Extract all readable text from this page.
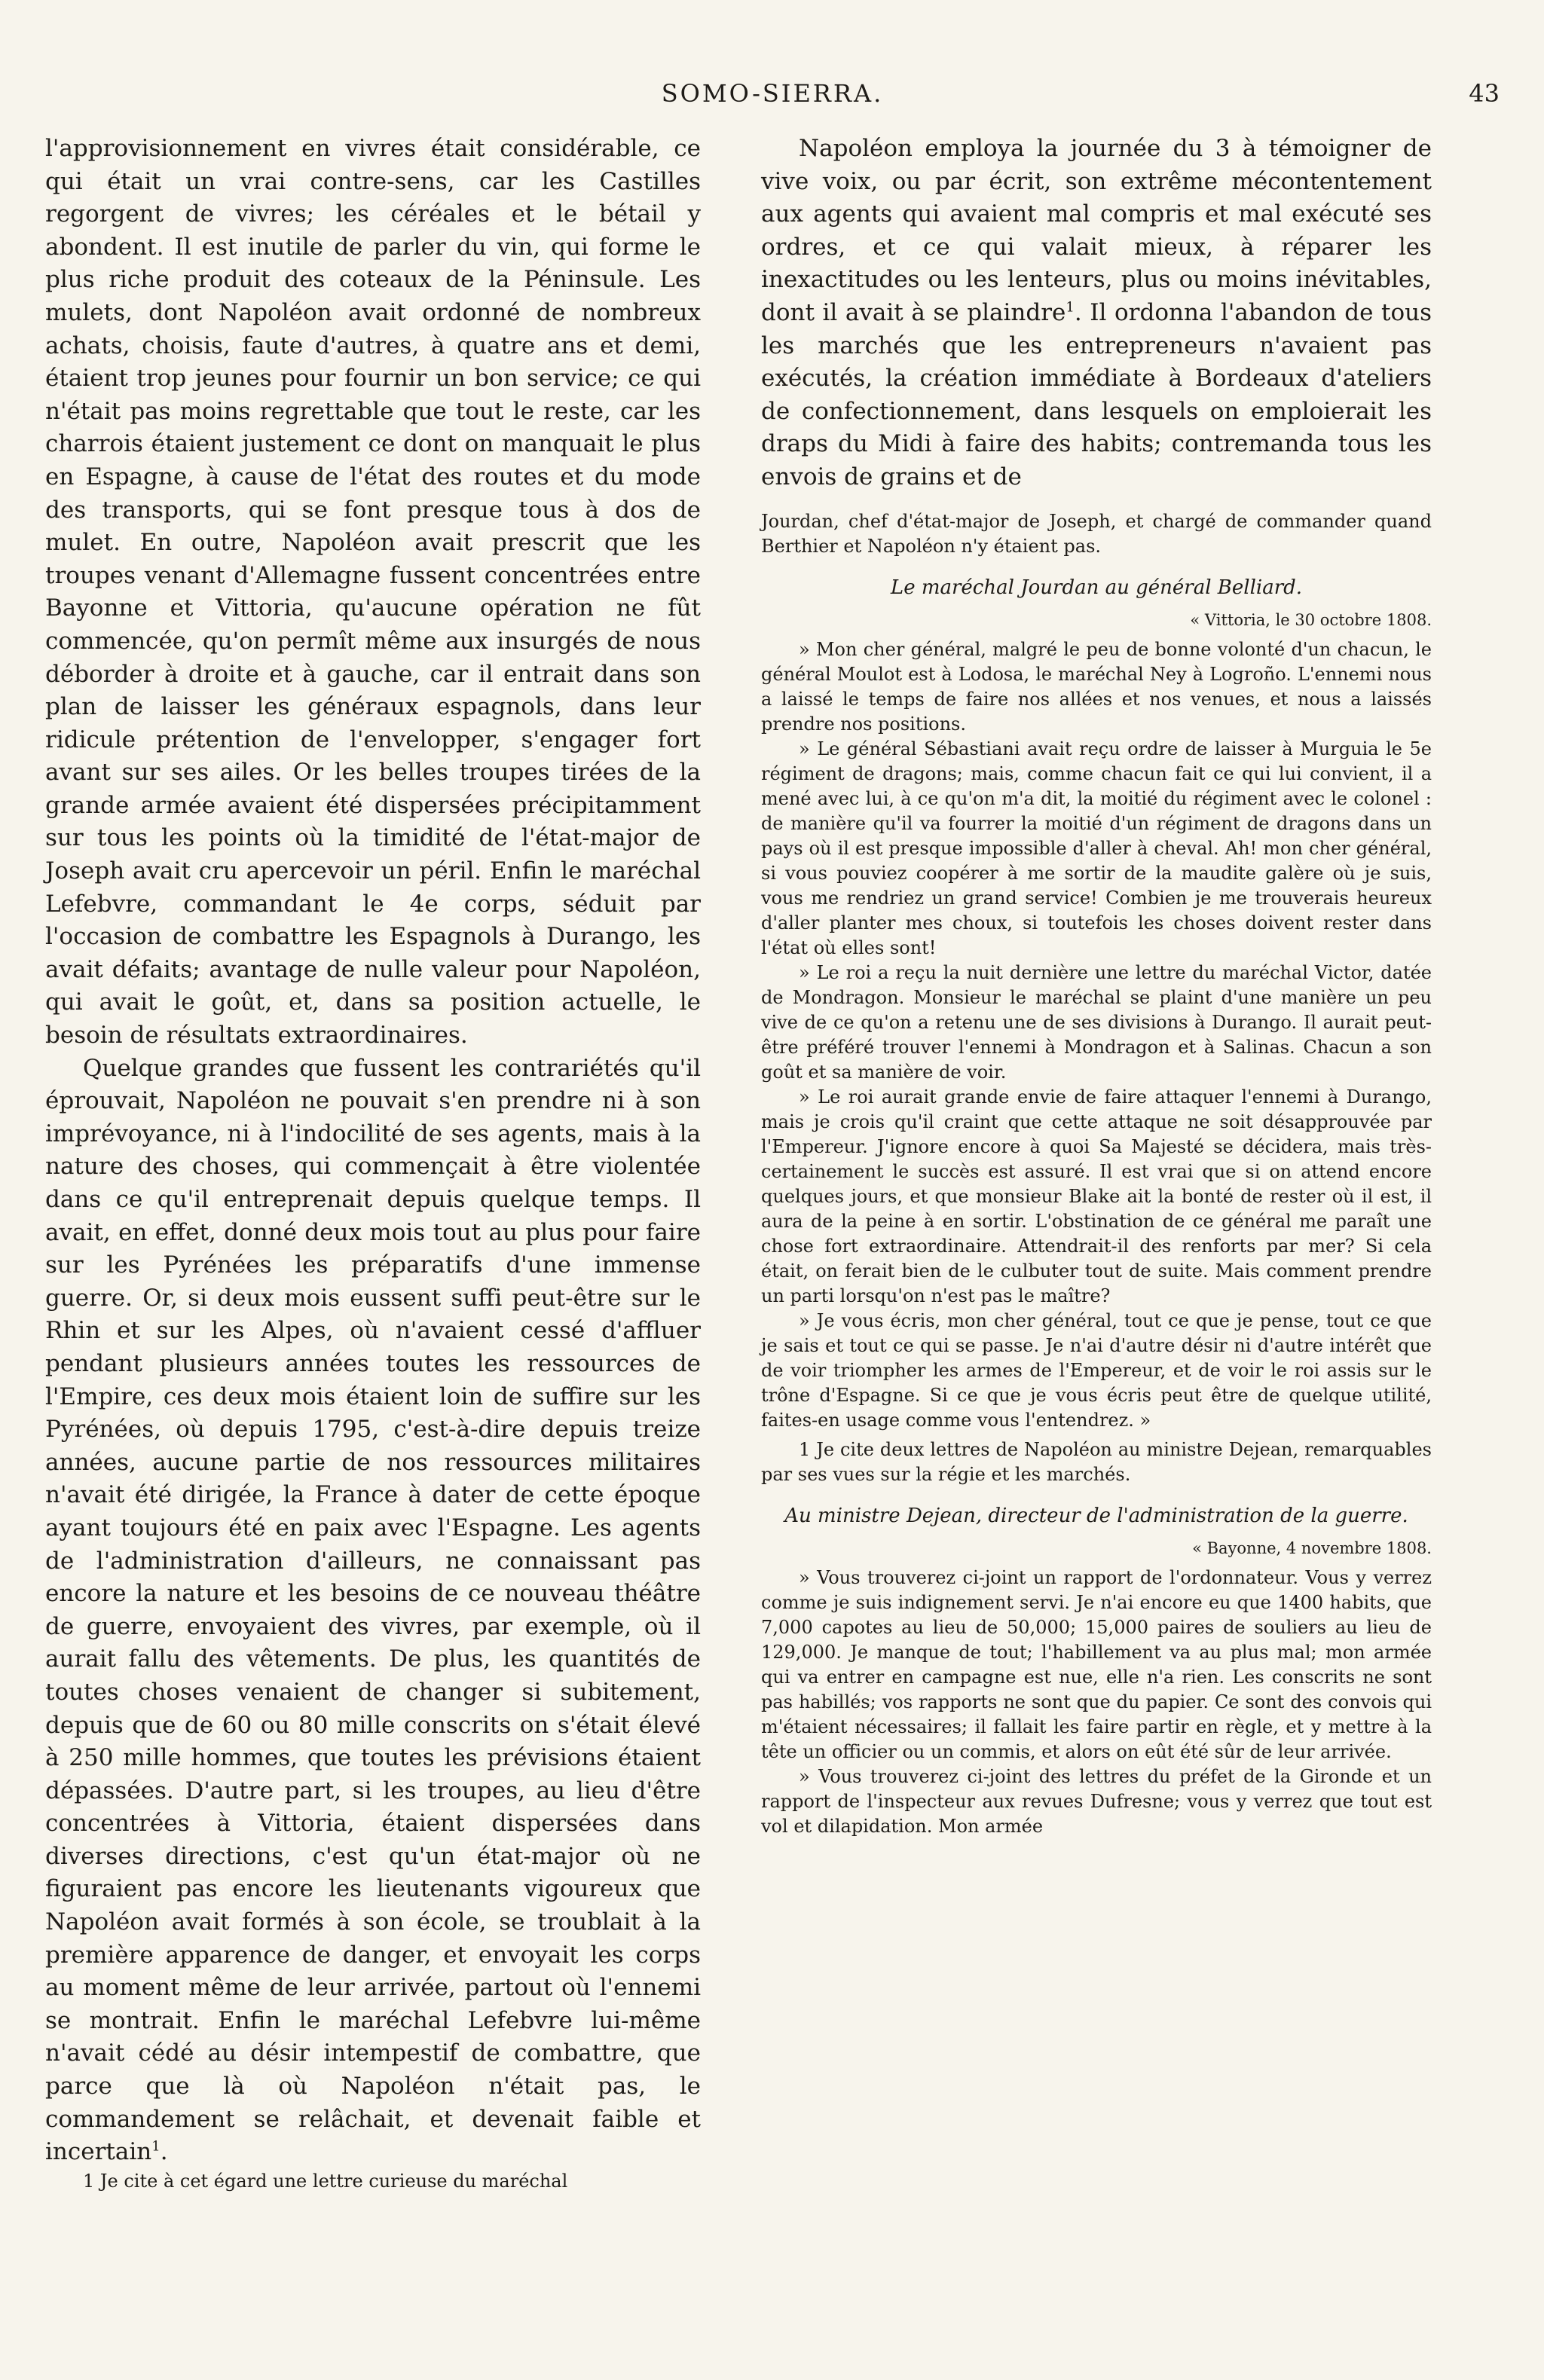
SOMO-SIERRA.	43

l'approvisionnement en vivres était considérable, ce qui était un vrai contre-sens, car les Castilles regorgent de vivres; les céréales et le bétail y abondent. Il est inutile de parler du vin, qui forme le plus riche produit des coteaux de la Péninsule. Les mulets, dont Napoléon avait ordonné de nombreux achats, choisis, faute d'autres, à quatre ans et demi, étaient trop jeunes pour fournir un bon service; ce qui n'était pas moins regrettable que tout le reste, car les charrois étaient justement ce dont on manquait le plus en Espagne, à cause de l'état des routes et du mode des transports, qui se font presque tous à dos de mulet. En outre, Napoléon avait prescrit que les troupes venant d'Allemagne fussent concentrées entre Bayonne et Vittoria, qu'aucune opération ne fût commencée, qu'on permît même aux insurgés de nous déborder à droite et à gauche, car il entrait dans son plan de laisser les généraux espagnols, dans leur ridicule prétention de l'envelopper, s'engager fort avant sur ses ailes. Or les belles troupes tirées de la grande armée avaient été dispersées précipitamment sur tous les points où la timidité de l'état-major de Joseph avait cru apercevoir un péril. Enfin le maréchal Lefebvre, commandant le 4e corps, séduit par l'occasion de combattre les Espagnols à Durango, les avait défaits; avantage de nulle valeur pour Napoléon, qui avait le goût, et, dans sa position actuelle, le besoin de résultats extraordinaires.

Quelque grandes que fussent les contrariétés qu'il éprouvait, Napoléon ne pouvait s'en prendre ni à son imprévoyance, ni à l'indocilité de ses agents, mais à la nature des choses, qui commençait à être violentée dans ce qu'il entreprenait depuis quelque temps. Il avait, en effet, donné deux mois tout au plus pour faire sur les Pyrénées les préparatifs d'une immense guerre. Or, si deux mois eussent suffi peut-être sur le Rhin et sur les Alpes, où n'avaient cessé d'affluer pendant plusieurs années toutes les ressources de l'Empire, ces deux mois étaient loin de suffire sur les Pyrénées, où depuis 1795, c'est-à-dire depuis treize années, aucune partie de nos ressources militaires n'avait été dirigée, la France à dater de cette époque ayant toujours été en paix avec l'Espagne. Les agents de l'administration d'ailleurs, ne connaissant pas encore la nature et les besoins de ce nouveau théâtre de guerre, envoyaient des vivres, par exemple, où il aurait fallu des vêtements. De plus, les quantités de toutes choses venaient de changer si subitement, depuis que de 60 ou 80 mille conscrits on s'était élevé à 250 mille hommes, que toutes les prévisions étaient dépassées. D'autre part, si les troupes, au lieu d'être concentrées à Vittoria, étaient dispersées dans diverses directions, c'est qu'un état-major où ne figuraient pas encore les lieutenants vigoureux que Napoléon avait formés à son école, se troublait à la première apparence de danger, et envoyait les corps au moment même de leur arrivée, partout où l'ennemi se montrait. Enfin le maréchal Lefebvre lui-même n'avait cédé au désir intempestif de combattre, que parce que là où Napoléon n'était pas, le commandement se relâchait, et devenait faible et incertain$^1$.

1 Je cite à cet égard une lettre curieuse du maréchal

Napoléon employa la journée du 3 à témoigner de vive voix, ou par écrit, son extrême mécontentement aux agents qui avaient mal compris et mal exécuté ses ordres, et ce qui valait mieux, à réparer les inexactitudes ou les lenteurs, plus ou moins inévitables, dont il avait à se plaindre$^1$. Il ordonna l'abandon de tous les marchés que les entrepreneurs n'avaient pas exécutés, la création immédiate à Bordeaux d'ateliers de confectionnement, dans lesquels on emploierait les draps du Midi à faire des habits; contremanda tous les envois de grains et de

Jourdan, chef d'état-major de Joseph, et chargé de commander quand Berthier et Napoléon n'y étaient pas.

Le maréchal Jourdan au général Belliard.

« Vittoria, le 30 octobre 1808.

» Mon cher général, malgré le peu de bonne volonté d'un chacun, le général Moulot est à Lodosa, le maréchal Ney à Logroño. L'ennemi nous a laissé le temps de faire nos allées et nos venues, et nous a laissés prendre nos positions.

» Le général Sébastiani avait reçu ordre de laisser à Murguia le 5e régiment de dragons; mais, comme chacun fait ce qui lui convient, il a mené avec lui, à ce qu'on m'a dit, la moitié du régiment avec le colonel : de manière qu'il va fourrer la moitié d'un régiment de dragons dans un pays où il est presque impossible d'aller à cheval. Ah! mon cher général, si vous pouviez coopérer à me sortir de la maudite galère où je suis, vous me rendriez un grand service! Combien je me trouverais heureux d'aller planter mes choux, si toutefois les choses doivent rester dans l'état où elles sont!

» Le roi a reçu la nuit dernière une lettre du maréchal Victor, datée de Mondragon. Monsieur le maréchal se plaint d'une manière un peu vive de ce qu'on a retenu une de ses divisions à Durango. Il aurait peut-être préféré trouver l'ennemi à Mondragon et à Salinas. Chacun a son goût et sa manière de voir.

» Le roi aurait grande envie de faire attaquer l'ennemi à Durango, mais je crois qu'il craint que cette attaque ne soit désapprouvée par l'Empereur. J'ignore encore à quoi Sa Majesté se décidera, mais très-certainement le succès est assuré. Il est vrai que si on attend encore quelques jours, et que monsieur Blake ait la bonté de rester où il est, il aura de la peine à en sortir. L'obstination de ce général me paraît une chose fort extraordinaire. Attendrait-il des renforts par mer? Si cela était, on ferait bien de le culbuter tout de suite. Mais comment prendre un parti lorsqu'on n'est pas le maître?

» Je vous écris, mon cher général, tout ce que je pense, tout ce que je sais et tout ce qui se passe. Je n'ai d'autre désir ni d'autre intérêt que de voir triompher les armes de l'Empereur, et de voir le roi assis sur le trône d'Espagne. Si ce que je vous écris peut être de quelque utilité, faites-en usage comme vous l'entendrez. »

1 Je cite deux lettres de Napoléon au ministre Dejean, remarquables par ses vues sur la régie et les marchés.

Au ministre Dejean, directeur de l'administration de la guerre.

« Bayonne, 4 novembre 1808.

» Vous trouverez ci-joint un rapport de l'ordonnateur. Vous y verrez comme je suis indignement servi. Je n'ai encore eu que 1400 habits, que 7,000 capotes au lieu de 50,000; 15,000 paires de souliers au lieu de 129,000. Je manque de tout; l'habillement va au plus mal; mon armée qui va entrer en campagne est nue, elle n'a rien. Les conscrits ne sont pas habillés; vos rapports ne sont que du papier. Ce sont des convois qui m'étaient nécessaires; il fallait les faire partir en règle, et y mettre à la tête un officier ou un commis, et alors on eût été sûr de leur arrivée.

» Vous trouverez ci-joint des lettres du préfet de la Gironde et un rapport de l'inspecteur aux revues Dufresne; vous y verrez que tout est vol et dilapidation. Mon armée
